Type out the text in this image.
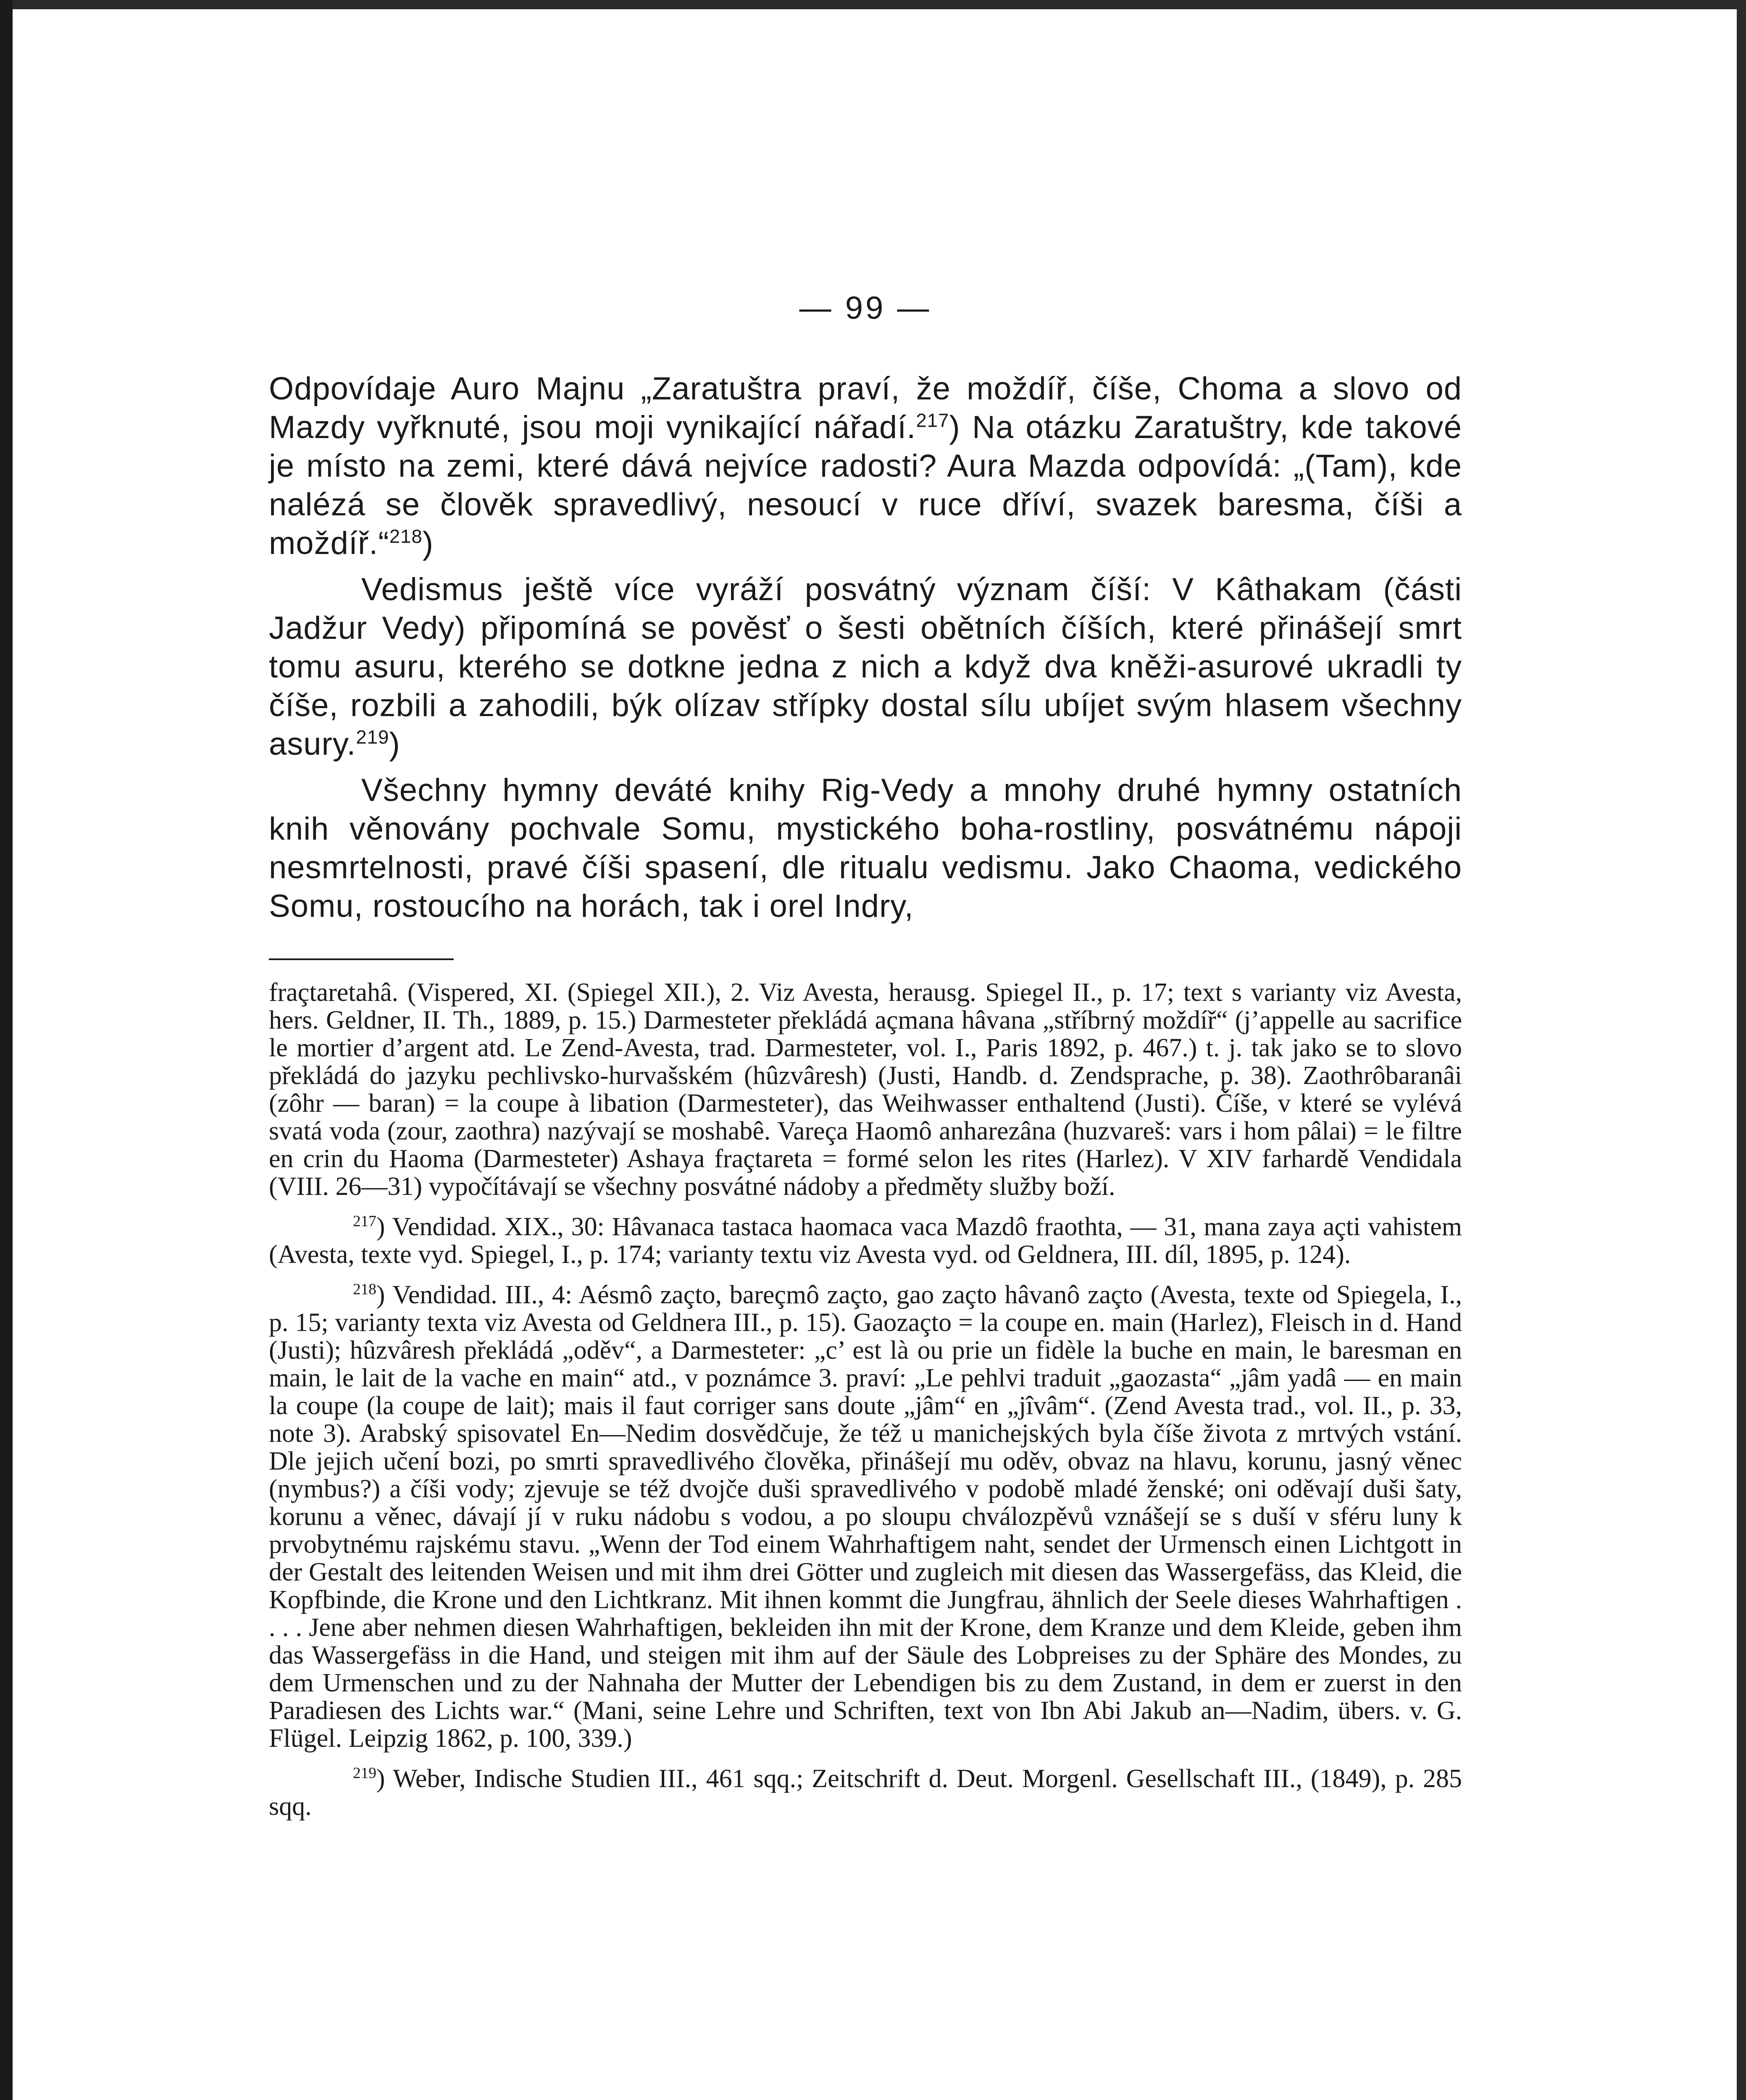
— 99 —

Odpovídaje Auro Majnu „Zaratuštra praví, že moždíř, číše, Choma a slovo od Mazdy vyřknuté, jsou moji vynikající nářadí.$^{217}$) Na otázku Zaratuštry, kde takové je místo na zemi, které dává nejvíce radosti? Aura Mazda odpovídá: „(Tam), kde nalézá se člověk spravedlivý, nesoucí v ruce dříví, svazek baresma, číši a moždíř.“$^{218}$)

Vedismus ještě více vyráží posvátný význam číší: V Kâthakam (části Jadžur Vedy) připomíná se pověsť o šesti obětních číších, které přinášejí smrt tomu asuru, kterého se dotkne jedna z nich a když dva kněži-asurové ukradli ty číše, rozbili a zahodili, býk olízav střípky dostal sílu ubíjet svým hlasem všechny asury.$^{219}$)

Všechny hymny deváté knihy Rig-Vedy a mnohy druhé hymny ostatních knih věnovány pochvale Somu, mystického boha-rostliny, posvátnému nápoji nesmrtelnosti, pravé číši spasení, dle ritualu vedismu. Jako Chaoma, vedického Somu, rostoucího na horách, tak i orel Indry,

fraçtaretahâ. (Vispered, XI. (Spiegel XII.), 2. Viz Avesta, herausg. Spiegel II., p. 17; text s varianty viz Avesta, hers. Geldner, II. Th., 1889, p. 15.) Darmesteter překládá açmana hâvana „stříbrný moždíř“ (j’appelle au sacrifice le mortier d’argent atd. Le Zend-Avesta, trad. Darmesteter, vol. I., Paris 1892, p. 467.) t. j. tak jako se to slovo překládá do jazyku pechlivsko-hurvašském (hûzvâresh) (Justi, Handb. d. Zendsprache, p. 38). Zaothrôbaranâi (zôhr — baran) = la coupe à libation (Darmesteter), das Weihwasser enthaltend (Justi). Číše, v které se vylévá svatá voda (zour, zaothra) nazývají se moshabê. Vareça Haomô anharezâna (huzvareš: vars i hom pâlai) = le filtre en crin du Haoma (Darmesteter) Ashaya fraçtareta = formé selon les rites (Harlez). V XIV farhardě Vendidala (VIII. 26—31) vypočítávají se všechny posvátné nádoby a předměty služby boží.

$^{217}$) Vendidad. XIX., 30: Hâvanaca tastaca haomaca vaca Mazdô fraothta, — 31, mana zaya açti vahistem (Avesta, texte vyd. Spiegel, I., p. 174; varianty textu viz Avesta vyd. od Geldnera, III. díl, 1895, p. 124).

$^{218}$) Vendidad. III., 4: Aésmô zaçto, bareçmô zaçto, gao zaçto hâvanô zaçto (Avesta, texte od Spiegela, I., p. 15; varianty texta viz Avesta od Geldnera III., p. 15). Gaozaçto = la coupe en. main (Harlez), Fleisch in d. Hand (Justi); hûzvâresh překládá „oděv“, a Darmesteter: „c’ est là ou prie un fidèle la buche en main, le baresman en main, le lait de la vache en main“ atd., v poznámce 3. praví: „Le pehlvi traduit „gaozasta“ „jâm yadâ — en main la coupe (la coupe de lait); mais il faut corriger sans doute „jâm“ en „jîvâm“. (Zend Avesta trad., vol. II., p. 33, note 3). Arabský spisovatel En—Nedim dosvědčuje, že též u manichejských byla číše života z mrtvých vstání. Dle jejich učení bozi, po smrti spravedlivého člověka, přinášejí mu oděv, obvaz na hlavu, korunu, jasný věnec (nymbus?) a číši vody; zjevuje se též dvojče duši spravedlivého v podobě mladé ženské; oni oděvají duši šaty, korunu a věnec, dávají jí v ruku nádobu s vodou, a po sloupu chválozpěvů vznášejí se s duší v sféru luny k prvobytnému rajskému stavu. „Wenn der Tod einem Wahrhaftigem naht, sendet der Urmensch einen Lichtgott in der Gestalt des leitenden Weisen und mit ihm drei Götter und zugleich mit diesen das Wassergefäss, das Kleid, die Kopfbinde, die Krone und den Lichtkranz. Mit ihnen kommt die Jungfrau, ähnlich der Seele dieses Wahrhaftigen . . . . Jene aber nehmen diesen Wahrhaftigen, bekleiden ihn mit der Krone, dem Kranze und dem Kleide, geben ihm das Wassergefäss in die Hand, und steigen mit ihm auf der Säule des Lobpreises zu der Sphäre des Mondes, zu dem Urmenschen und zu der Nahnaha der Mutter der Lebendigen bis zu dem Zustand, in dem er zuerst in den Paradiesen des Lichts war.“ (Mani, seine Lehre und Schriften, text von Ibn Abi Jakub an—Nadim, übers. v. G. Flügel. Leipzig 1862, p. 100, 339.)

$^{219}$) Weber, Indische Studien III., 461 sqq.; Zeitschrift d. Deut. Morgenl. Gesellschaft III., (1849), p. 285 sqq.
